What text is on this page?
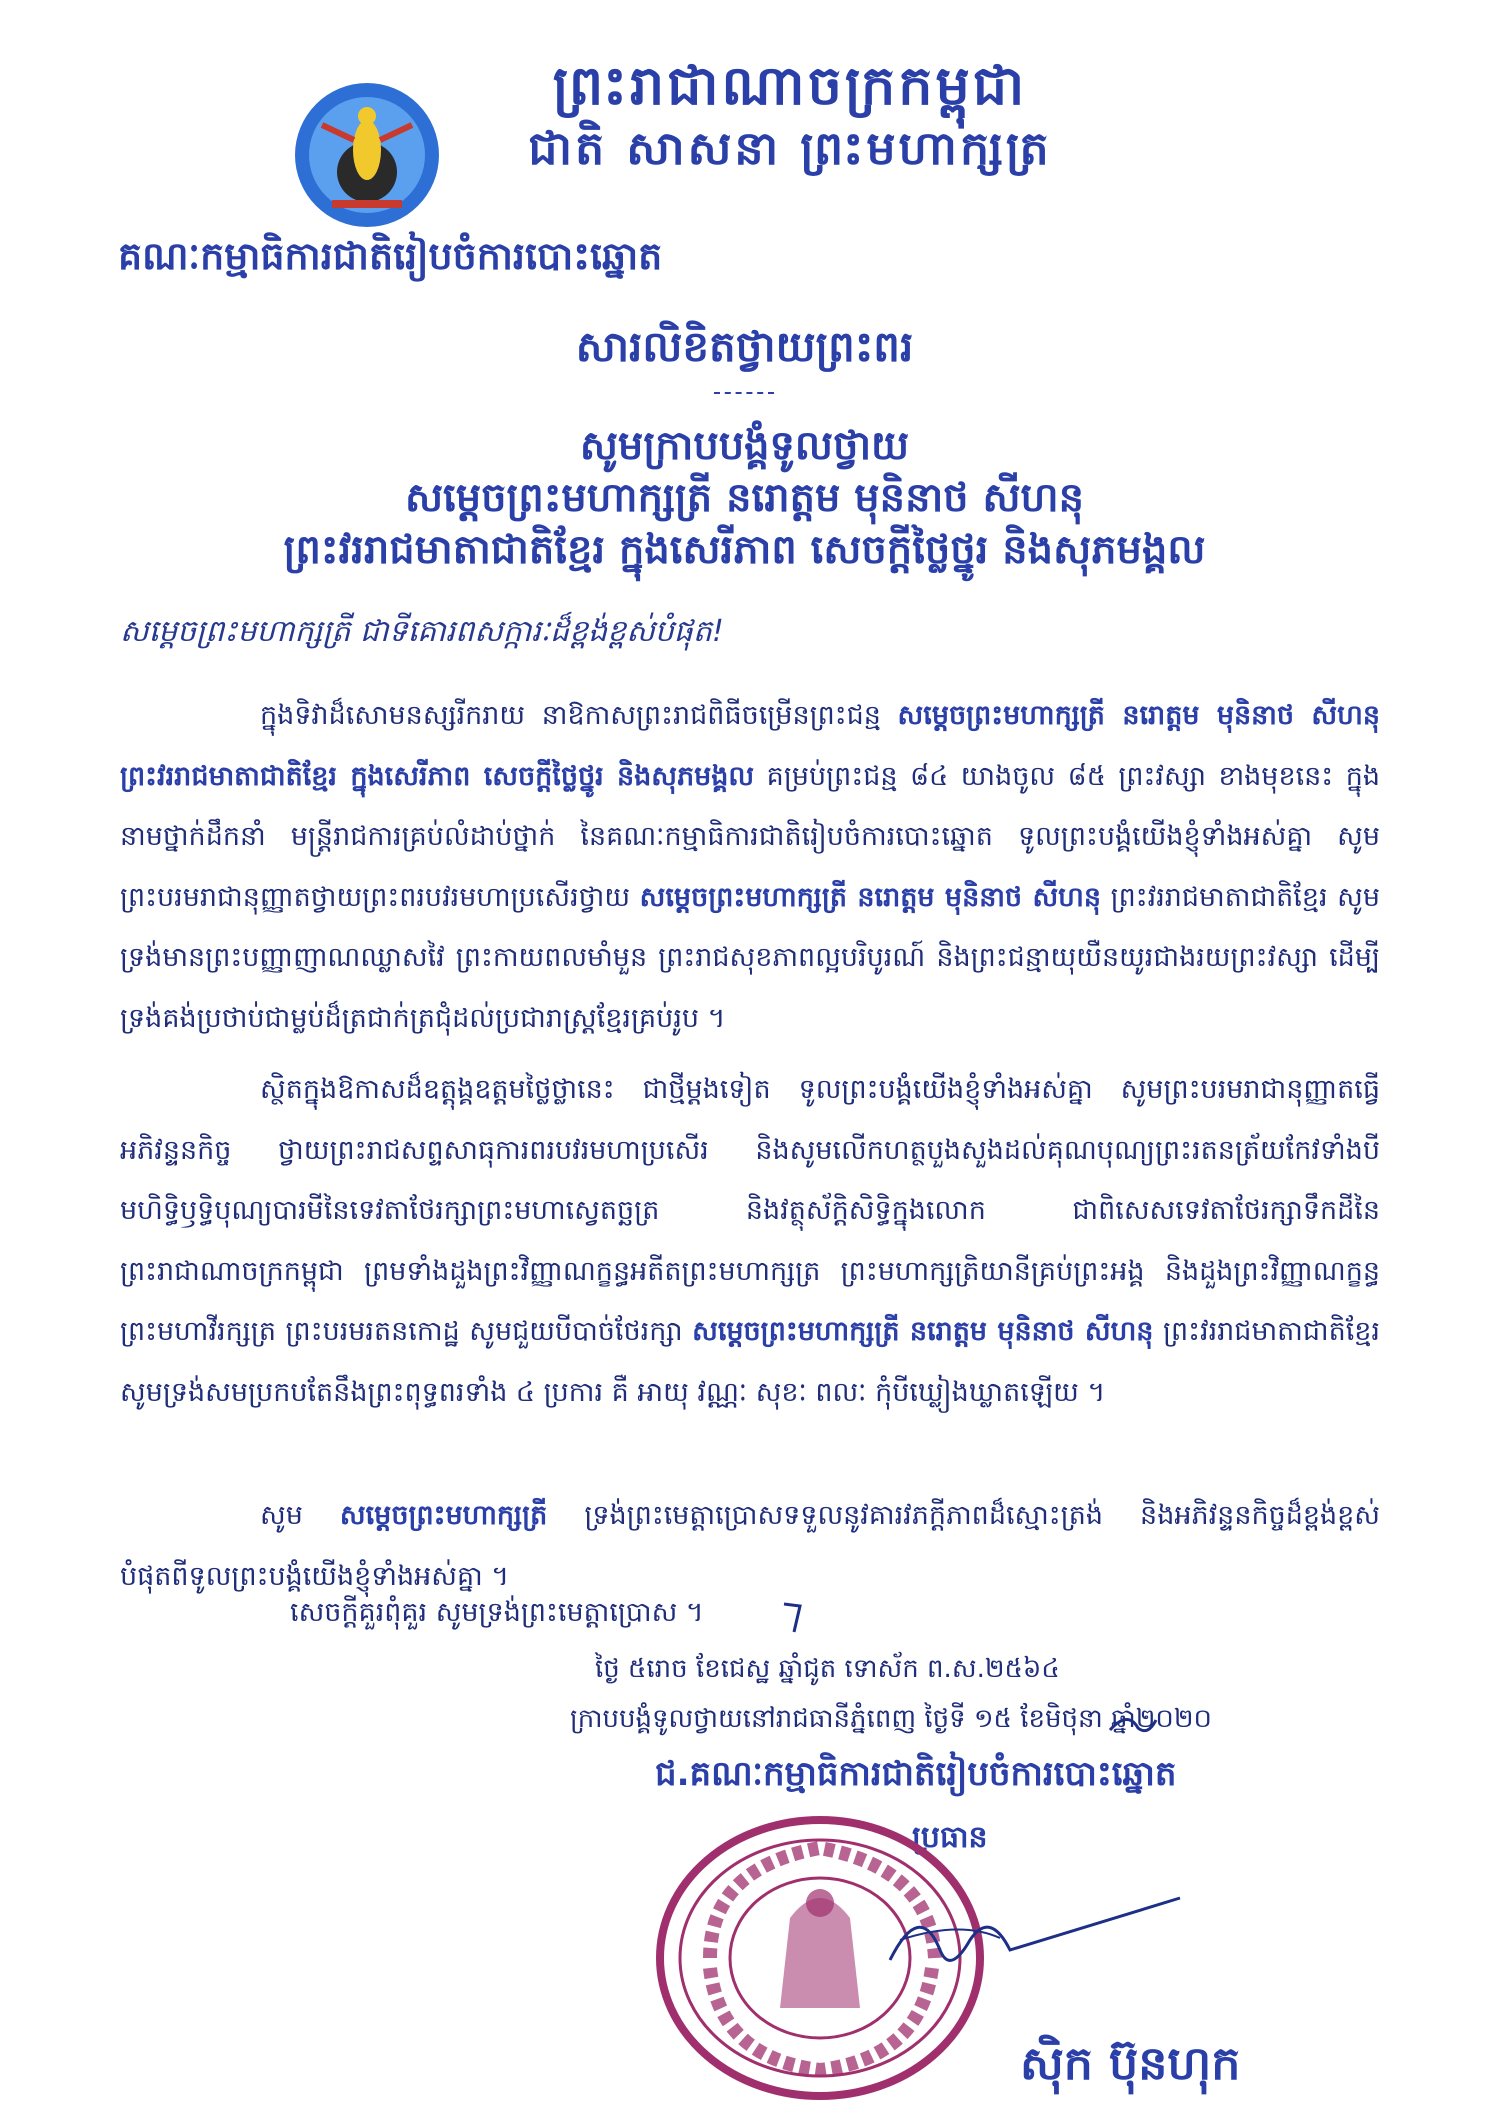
ព្រះរាជាណាចក្រកម្ពុជា
ជាតិ សាសនា ព្រះមហាក្សត្រ
គណៈកម្មាធិការជាតិរៀបចំការបោះឆ្នោត
សារលិខិតថ្វាយព្រះពរ
សូមក្រាបបង្គំទូលថ្វាយ
សម្តេចព្រះមហាក្សត្រី នរោត្តម មុនិនាថ សីហនុ
ព្រះវររាជមាតាជាតិខ្មែរ ក្នុងសេរីភាព សេចក្តីថ្លៃថ្នូរ និងសុភមង្គល
សម្តេចព្រះមហាក្សត្រី ជាទីគោរពសក្ការៈដ៏ខ្ពង់ខ្ពស់បំផុត!
ក្នុងទិវាដ៏សោមនស្សរីករាយ នាឱកាសព្រះរាជពិធីចម្រើនព្រះជន្ម សម្តេចព្រះមហាក្សត្រី នរោត្តម មុនិនាថ សីហនុ ព្រះវររាជមាតាជាតិខ្មែរ ក្នុងសេរីភាព សេចក្តីថ្លៃថ្នូរ និងសុភមង្គល គម្រប់ព្រះជន្ម ៨៤ យាងចូល ៨៥ ព្រះវស្សា ខាងមុខនេះ ក្នុងនាមថ្នាក់ដឹកនាំ មន្ត្រីរាជការគ្រប់លំដាប់ថ្នាក់ នៃគណៈកម្មាធិការជាតិរៀបចំការបោះឆ្នោត ទូលព្រះបង្គំយើងខ្ញុំទាំងអស់គ្នា សូមព្រះបរមរាជានុញ្ញាតថ្វាយព្រះពរបវរមហាប្រសើរថ្វាយ សម្តេចព្រះមហាក្សត្រី នរោត្តម មុនិនាថ សីហនុ ព្រះវររាជមាតាជាតិខ្មែរ សូមទ្រង់មានព្រះបញ្ញាញាណឈ្លាសវៃ ព្រះកាយពលមាំមួន ព្រះរាជសុខភាពល្អបរិបូរណ៍ និងព្រះជន្មាយុយឺនយូរជាងរយព្រះវស្សា ដើម្បីទ្រង់គង់ប្រថាប់ជាម្លប់ដ៏ត្រជាក់ត្រជុំដល់ប្រជារាស្ត្រខ្មែរគ្រប់រូប ។
ស្ថិតក្នុងឱកាសដ៏ឧត្តុង្គឧត្តមថ្លៃថ្លានេះ ជាថ្មីម្តងទៀត ទូលព្រះបង្គំយើងខ្ញុំទាំងអស់គ្នា សូមព្រះបរមរាជានុញ្ញាតធ្វើអភិវន្ទនកិច្ច ថ្វាយព្រះរាជសព្ទសាធុការពរបវរមហាប្រសើរ និងសូមលើកហត្ថបួងសួងដល់គុណបុណ្យព្រះរតនត្រ័យកែវទាំងបី មហិទ្ធិឫទ្ធិបុណ្យបារមីនៃទេវតាថែរក្សាព្រះមហាស្វេតច្ឆត្រ និងវត្ថុស័ក្តិសិទ្ធិក្នុងលោក ជាពិសេសទេវតាថែរក្សាទឹកដីនៃព្រះរាជាណាចក្រកម្ពុជា ព្រមទាំងដួងព្រះវិញ្ញាណក្ខន្ធអតីតព្រះមហាក្សត្រ ព្រះមហាក្សត្រិយានីគ្រប់ព្រះអង្គ និងដួងព្រះវិញ្ញាណក្ខន្ធ ព្រះមហាវីរក្សត្រ ព្រះបរមរតនកោដ្ឋ សូមជួយបីបាច់ថែរក្សា សម្តេចព្រះមហាក្សត្រី នរោត្តម មុនិនាថ សីហនុ ព្រះវររាជមាតាជាតិខ្មែរ សូមទ្រង់សមប្រកបតែនឹងព្រះពុទ្ធពរទាំង ៤ ប្រការ គឺ អាយុ វណ្ណៈ សុខៈ ពលៈ កុំបីឃ្លៀងឃ្លាតឡើយ ។
សូម សម្តេចព្រះមហាក្សត្រី ទ្រង់ព្រះមេត្តាប្រោសទទួលនូវគារវភក្តីភាពដ៏ស្មោះត្រង់ និងអភិវន្ទនកិច្ចដ៏ខ្ពង់ខ្ពស់បំផុតពីទូលព្រះបង្គំយើងខ្ញុំទាំងអស់គ្នា ។
សេចក្តីគួរពុំគួរ សូមទ្រង់ព្រះមេត្តាប្រោស ។
ថ្ងៃ ៥រោច ខែជេស្ឋ ឆ្នាំជូត ទោស័ក ព.ស.២៥៦៤
ក្រាបបង្គំទូលថ្វាយនៅរាជធានីភ្នំពេញ ថ្ងៃទី ១៥ ខែមិថុនា ឆ្នាំ២០២០
ជ.គណៈកម្មាធិការជាតិរៀបចំការបោះឆ្នោត
ប្រធាន
ស៊ិក ប៊ុនហុក
